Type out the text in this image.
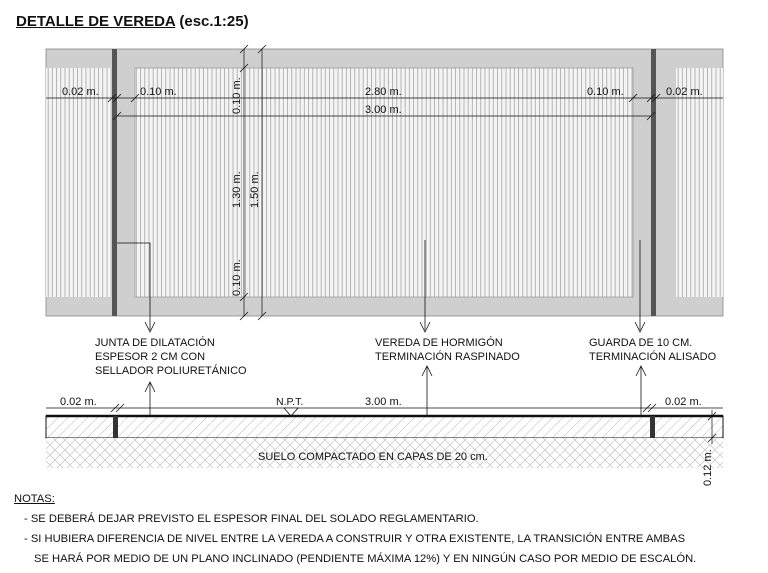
DETALLE DE VEREDA (esc.1:25)
0.02 m.	0.10 m.	2.80 m.	0.10 m.	0.02 m.
3.00 m.
0.10 m.
1.30 m. 1.50 m.
0.10 m.
JUNTA DE DILATACIÓN
ESPESOR 2 CM CON
SELLADOR POLIURETÁNICO
VEREDA DE HORMIGÓN
TERMINACIÓN RASPINADO
GUARDA DE 10 CM.
TERMINACIÓN ALISADO
0.02 m.	0.02 m.
3.00 m.
N.P.T.
SUELO COMPACTADO EN CAPAS DE 20 cm.	0.12 m.
NOTAS:
- SE DEBERÁ DEJAR PREVISTO EL ESPESOR FINAL DEL SOLADO REGLAMENTARIO.
- SI HUBIERA DIFERENCIA DE NIVEL ENTRE LA VEREDA A CONSTRUIR Y OTRA EXISTENTE, LA TRANSICIÓN ENTRE AMBAS
SE HARÁ POR MEDIO DE UN PLANO INCLINADO (PENDIENTE MÁXIMA 12%) Y EN NINGÚN CASO POR MEDIO DE ESCALÓN.
